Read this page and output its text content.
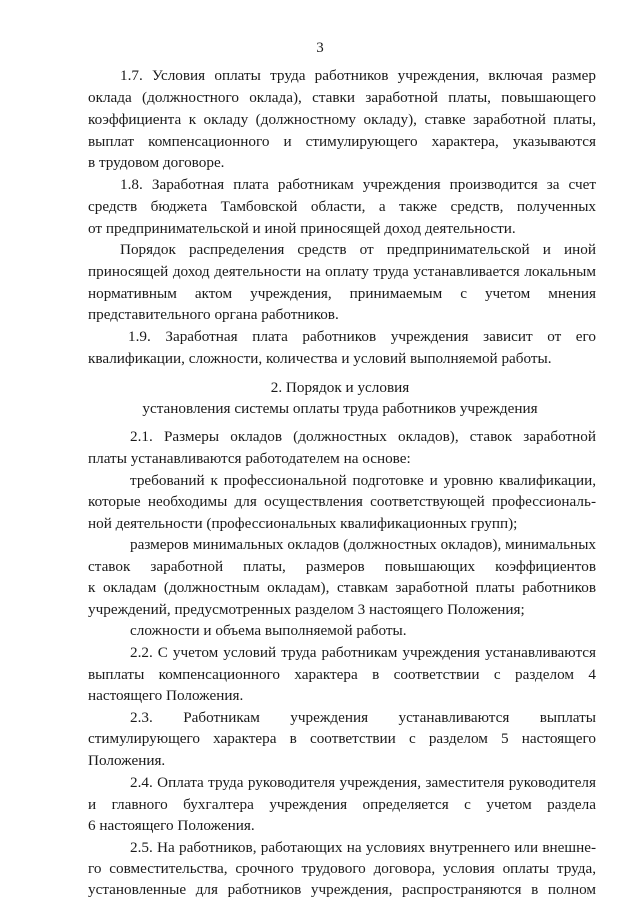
3
1.7. Условия оплаты труда работников учреждения, включая размер
оклада (должностного оклада), ставки заработной платы, повышающего
коэффициента к окладу (должностному окладу), ставке заработной платы,
выплат компенсационного и стимулирующего характера, указываются
в трудовом договоре.
1.8. Заработная плата работникам учреждения производится за счет
средств бюджета Тамбовской области, а также средств, полученных
от предпринимательской и иной приносящей доход деятельности.
Порядок распределения средств от предпринимательской и иной
приносящей доход деятельности на оплату труда устанавливается локальным
нормативным актом учреждения, принимаемым с учетом мнения
представительного органа работников.
1.9. Заработная плата работников учреждения зависит от его
квалификации, сложности, количества и условий выполняемой работы.
2. Порядок и условия
установления системы оплаты труда работников учреждения
2.1. Размеры окладов (должностных окладов), ставок заработной
платы устанавливаются работодателем на основе:
требований к профессиональной подготовке и уровню квалификации,
которые необходимы для осуществления соответствующей профессиональ-
ной деятельности (профессиональных квалификационных групп);
размеров минимальных окладов (должностных окладов), минимальных
ставок заработной платы, размеров повышающих коэффициентов
к окладам (должностным окладам), ставкам заработной платы работников
учреждений, предусмотренных разделом 3 настоящего Положения;
сложности и объема выполняемой работы.
2.2. С учетом условий труда работникам учреждения устанавливаются
выплаты компенсационного характера в соответствии с разделом 4
настоящего Положения.
2.3. Работникам учреждения устанавливаются выплаты
стимулирующего характера в соответствии с разделом 5 настоящего
Положения.
2.4. Оплата труда руководителя учреждения, заместителя руководителя
и главного бухгалтера учреждения определяется с учетом раздела
6 настоящего Положения.
2.5. На работников, работающих на условиях внутреннего или внешне-
го совместительства, срочного трудового договора, условия оплаты труда,
установленные для работников учреждения, распространяются в полном
